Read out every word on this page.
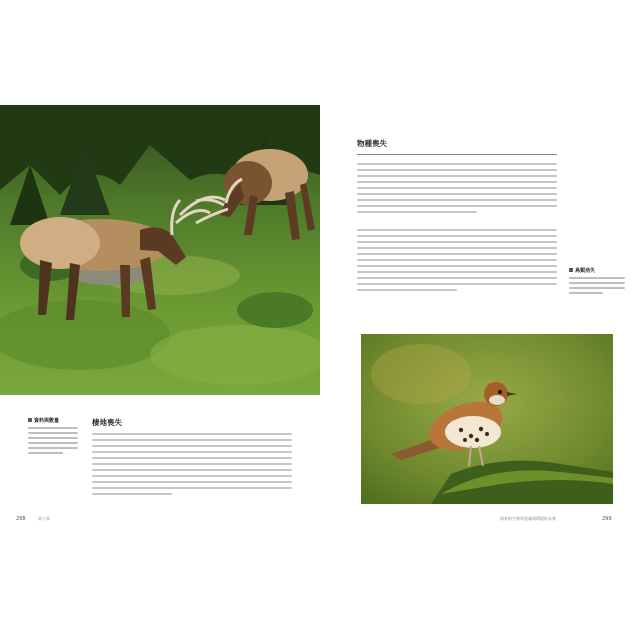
資料與數量	棲地喪失
298	第十章
物種喪失
鳥類消失
保育的生物學意義與環境的未來	299
